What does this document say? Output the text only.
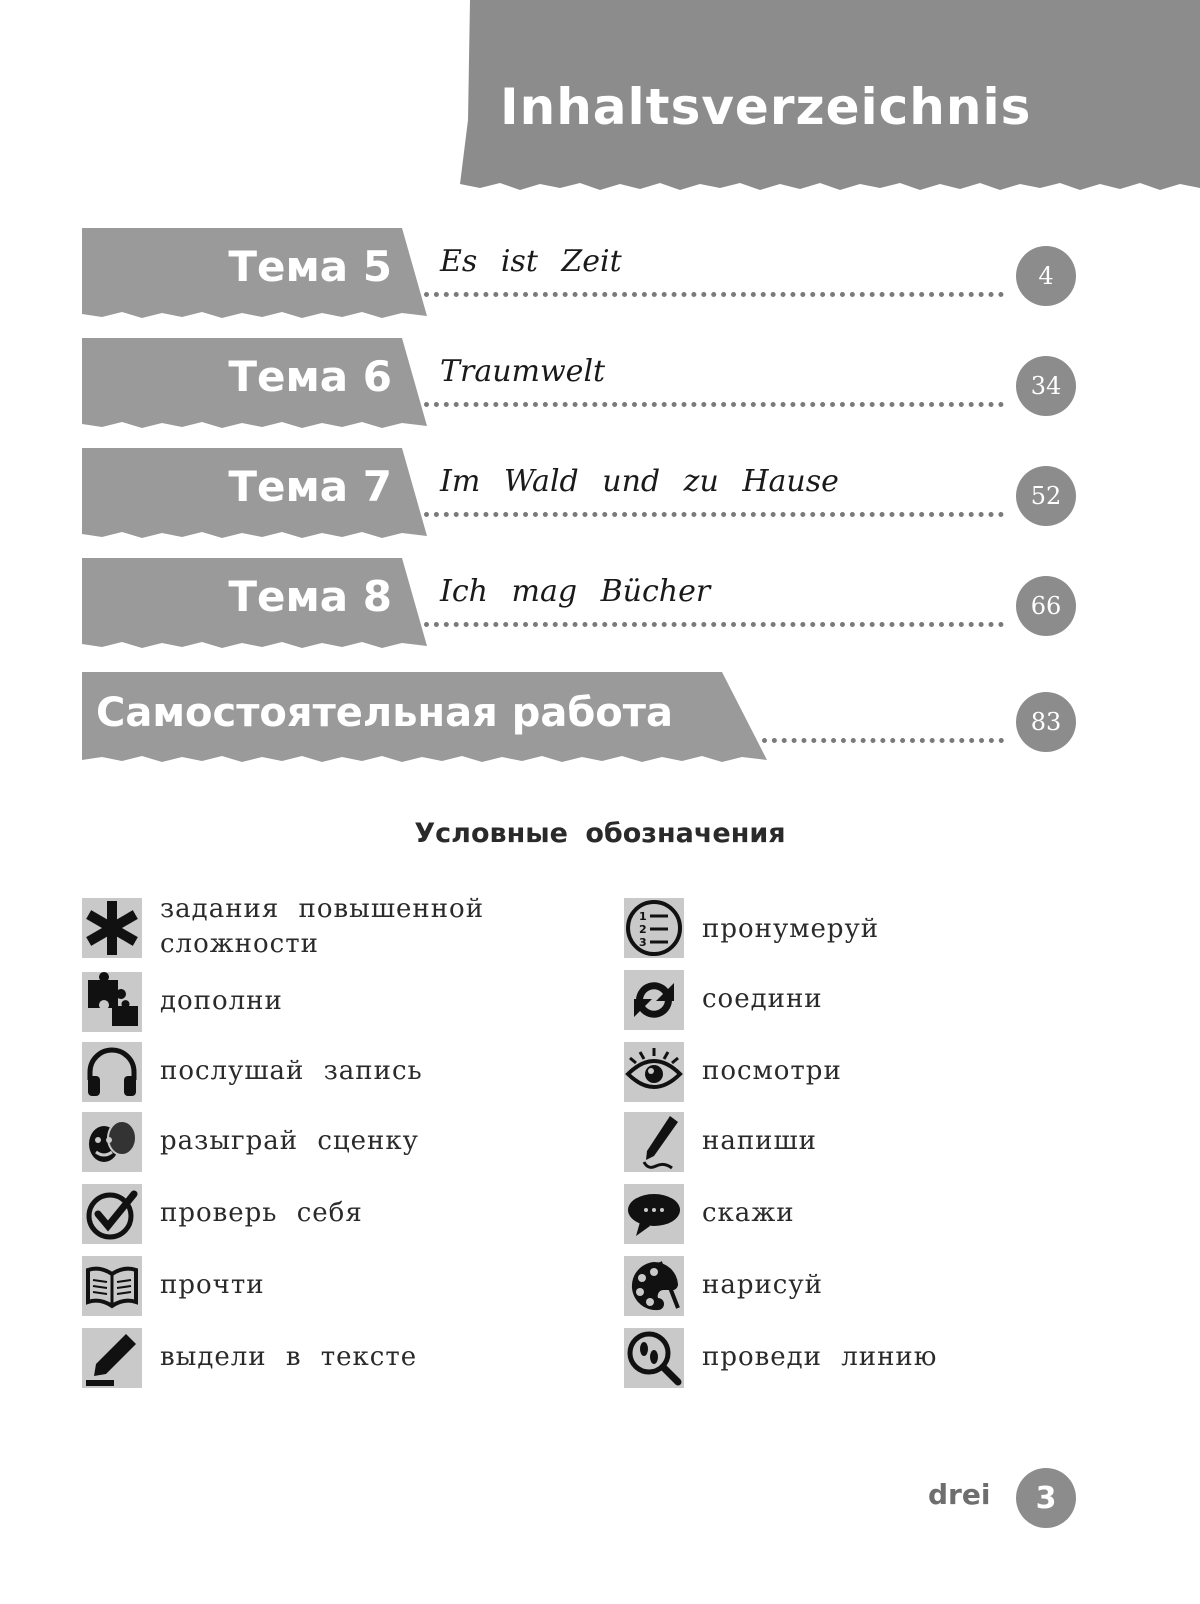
Inhaltsverzeichnis
Тема 5 Es ist Zeit	4
Тема 6 Traumwelt	34
Тема 7 Im Wald und zu Hause	52
Тема 8 Ich mag Bücher	66
Самостоятельная работа	83
Условные обозначения
задания повышенной сложности
дополни
послушай запись
разыграй сценку
проверь себя
прочти
выдели в тексте
1
2
3 пронумеруй
соедини
посмотри
напиши
скажи
нарисуй
проведи линию
drei	3
